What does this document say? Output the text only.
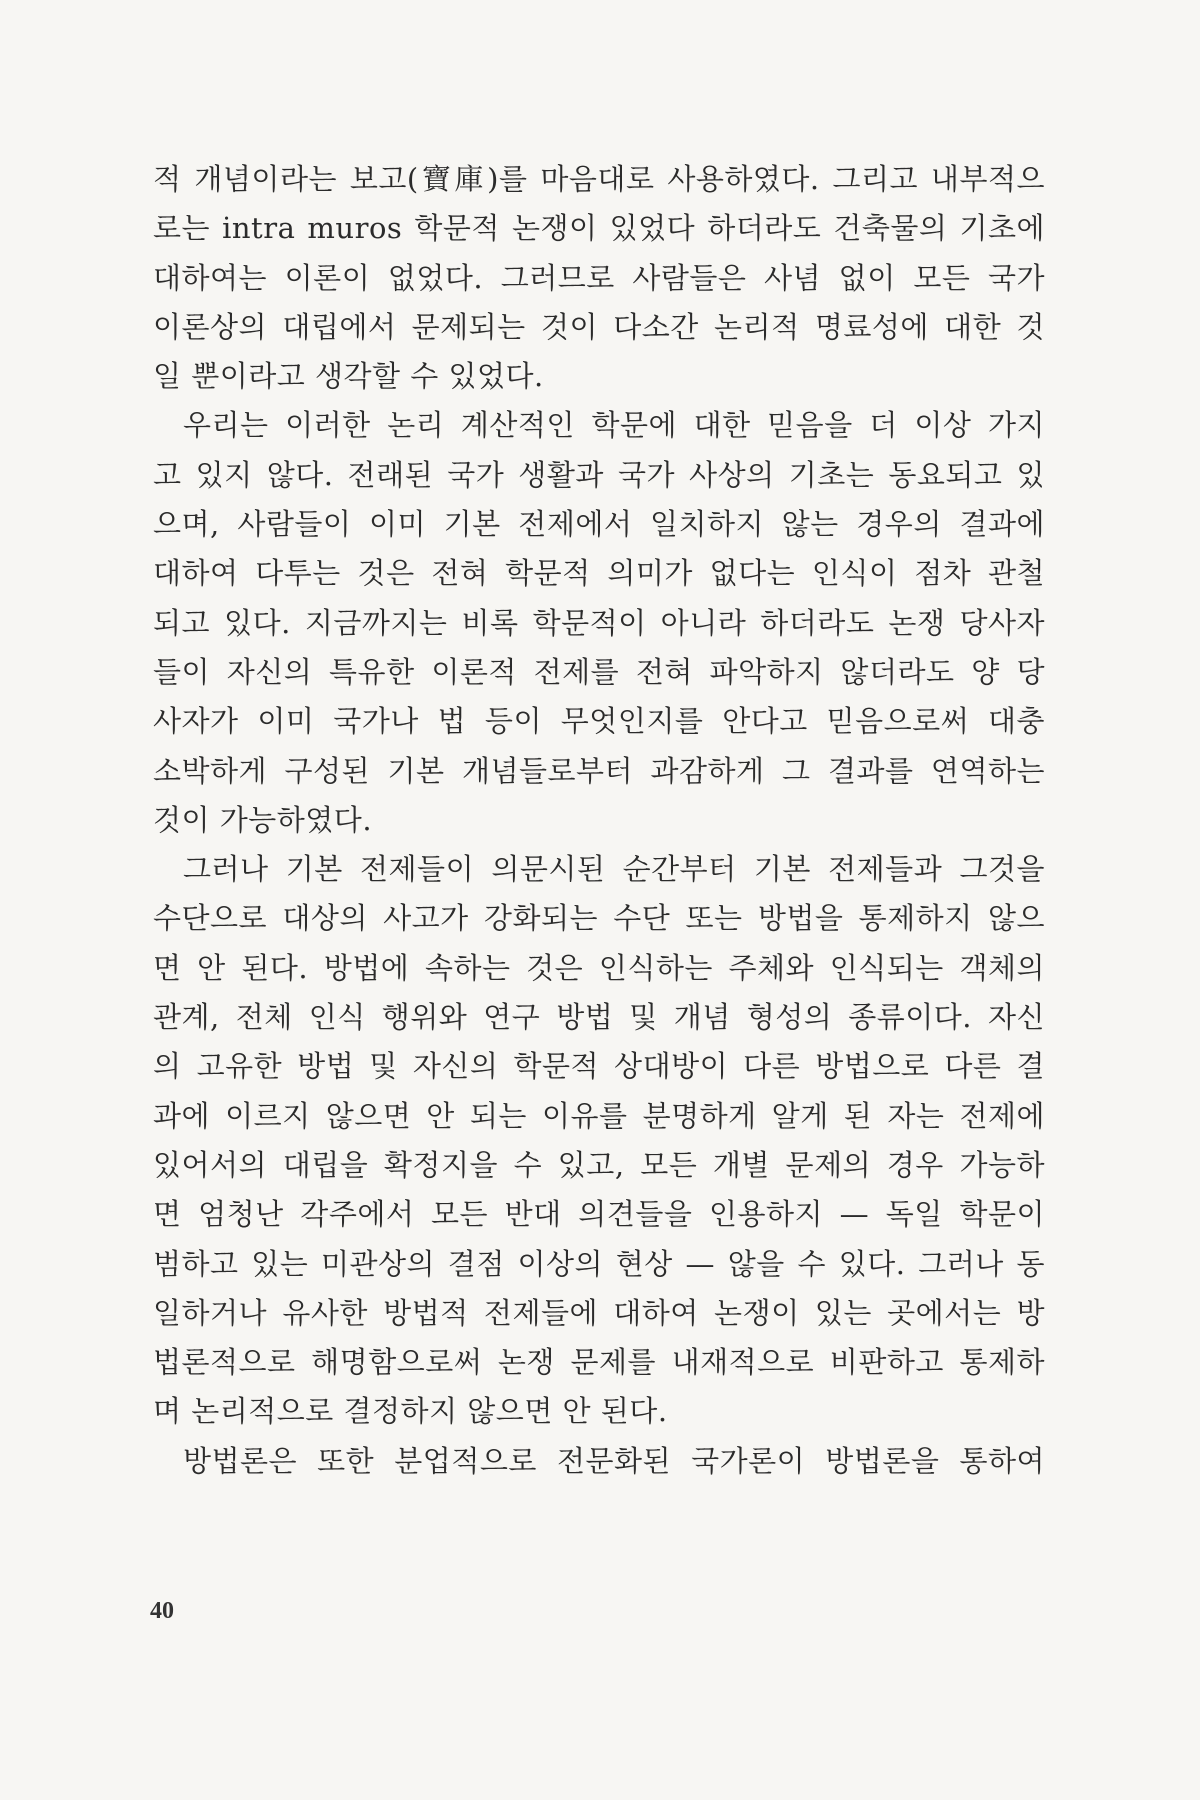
적 개념이라는 보고(寶庫)를 마음대로 사용하였다. 그리고 내부적으
로는 intra muros 학문적 논쟁이 있었다 하더라도 건축물의 기초에
대하여는 이론이 없었다. 그러므로 사람들은 사념 없이 모든 국가
이론상의 대립에서 문제되는 것이 다소간 논리적 명료성에 대한 것
일 뿐이라고 생각할 수 있었다.
우리는 이러한 논리 계산적인 학문에 대한 믿음을 더 이상 가지
고 있지 않다. 전래된 국가 생활과 국가 사상의 기초는 동요되고 있
으며, 사람들이 이미 기본 전제에서 일치하지 않는 경우의 결과에
대하여 다투는 것은 전혀 학문적 의미가 없다는 인식이 점차 관철
되고 있다. 지금까지는 비록 학문적이 아니라 하더라도 논쟁 당사자
들이 자신의 특유한 이론적 전제를 전혀 파악하지 않더라도 양 당
사자가 이미 국가나 법 등이 무엇인지를 안다고 믿음으로써 대충
소박하게 구성된 기본 개념들로부터 과감하게 그 결과를 연역하는
것이 가능하였다.
그러나 기본 전제들이 의문시된 순간부터 기본 전제들과 그것을
수단으로 대상의 사고가 강화되는 수단 또는 방법을 통제하지 않으
면 안 된다. 방법에 속하는 것은 인식하는 주체와 인식되는 객체의
관계, 전체 인식 행위와 연구 방법 및 개념 형성의 종류이다. 자신
의 고유한 방법 및 자신의 학문적 상대방이 다른 방법으로 다른 결
과에 이르지 않으면 안 되는 이유를 분명하게 알게 된 자는 전제에
있어서의 대립을 확정지을 수 있고, 모든 개별 문제의 경우 가능하
면 엄청난 각주에서 모든 반대 의견들을 인용하지 — 독일 학문이
범하고 있는 미관상의 결점 이상의 현상 — 않을 수 있다. 그러나 동
일하거나 유사한 방법적 전제들에 대하여 논쟁이 있는 곳에서는 방
법론적으로 해명함으로써 논쟁 문제를 내재적으로 비판하고 통제하
며 논리적으로 결정하지 않으면 안 된다.
방법론은 또한 분업적으로 전문화된 국가론이 방법론을 통하여
40
